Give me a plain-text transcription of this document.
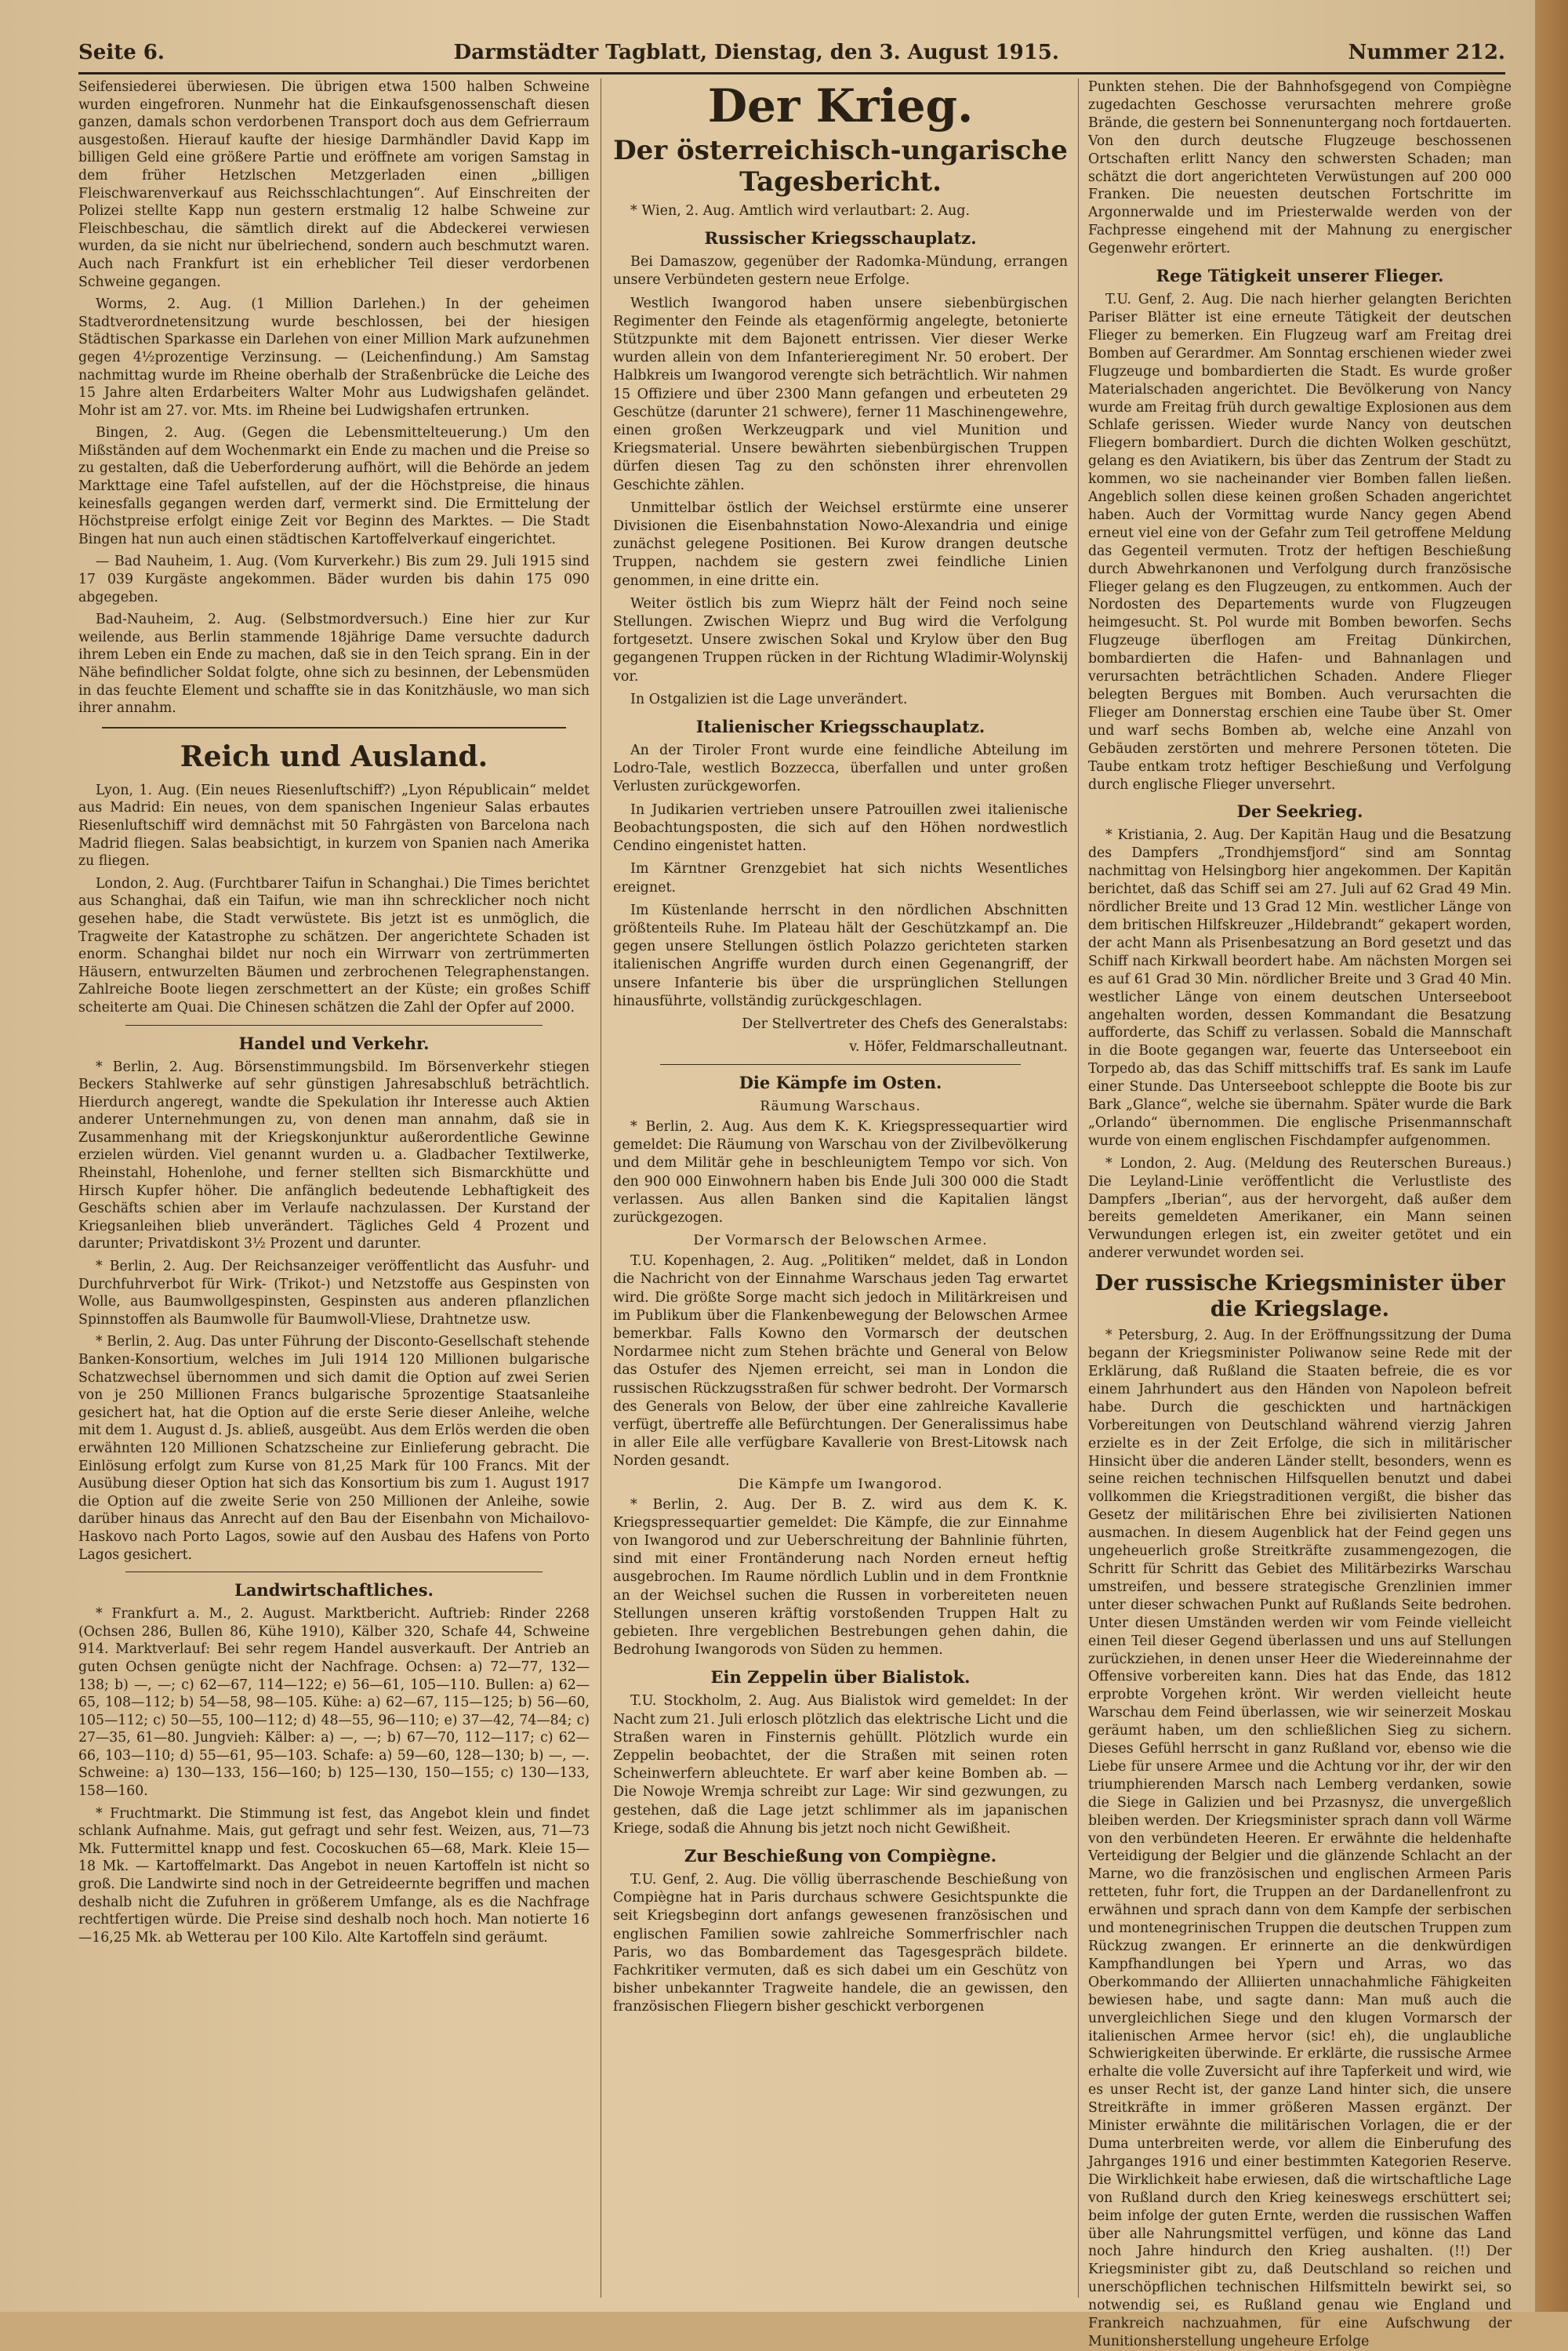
Seite 6.	Darmstädter Tagblatt, Dienstag, den 3. August 1915.	Nummer 212.

Seifensiederei überwiesen. Die übrigen etwa 1500 halben Schweine wurden eingefroren. Nunmehr hat die Einkaufsgenossenschaft diesen ganzen, damals schon verdorbenen Transport doch aus dem Gefrierraum ausgestoßen. Hierauf kaufte der hiesige Darmhändler David Kapp im billigen Geld eine größere Partie und eröffnete am vorigen Samstag in dem früher Hetzlschen Metzgerladen einen „billigen Fleischwarenverkauf aus Reichsschlachtungen“. Auf Einschreiten der Polizei stellte Kapp nun gestern erstmalig 12 halbe Schweine zur Fleischbeschau, die sämtlich direkt auf die Abdeckerei verwiesen wurden, da sie nicht nur übelriechend, sondern auch beschmutzt waren. Auch nach Frankfurt ist ein erheblicher Teil dieser verdorbenen Schweine gegangen.

Worms, 2. Aug. (1 Million Darlehen.) In der geheimen Stadtverordnetensitzung wurde beschlossen, bei der hiesigen Städtischen Sparkasse ein Darlehen von einer Million Mark aufzunehmen gegen 4½prozentige Verzinsung. — (Leichenfindung.) Am Samstag nachmittag wurde im Rheine oberhalb der Straßenbrücke die Leiche des 15 Jahre alten Erdarbeiters Walter Mohr aus Ludwigshafen geländet. Mohr ist am 27. vor. Mts. im Rheine bei Ludwigshafen ertrunken.

Bingen, 2. Aug. (Gegen die Lebensmittelteuerung.) Um den Mißständen auf dem Wochenmarkt ein Ende zu machen und die Preise so zu gestalten, daß die Ueberforderung aufhört, will die Behörde an jedem Markttage eine Tafel aufstellen, auf der die Höchstpreise, die hinaus keinesfalls gegangen werden darf, vermerkt sind. Die Ermittelung der Höchstpreise erfolgt einige Zeit vor Beginn des Marktes. — Die Stadt Bingen hat nun auch einen städtischen Kartoffelverkauf eingerichtet.

— Bad Nauheim, 1. Aug. (Vom Kurverkehr.) Bis zum 29. Juli 1915 sind 17 039 Kurgäste angekommen. Bäder wurden bis dahin 175 090 abgegeben.

Bad-Nauheim, 2. Aug. (Selbstmordversuch.) Eine hier zur Kur weilende, aus Berlin stammende 18jährige Dame versuchte dadurch ihrem Leben ein Ende zu machen, daß sie in den Teich sprang. Ein in der Nähe befindlicher Soldat folgte, ohne sich zu besinnen, der Lebensmüden in das feuchte Element und schaffte sie in das Konitzhäusle, wo man sich ihrer annahm.

Reich und Ausland.

Lyon, 1. Aug. (Ein neues Riesenluftschiff?) „Lyon Républicain“ meldet aus Madrid: Ein neues, von dem spanischen Ingenieur Salas erbautes Riesenluftschiff wird demnächst mit 50 Fahrgästen von Barcelona nach Madrid fliegen. Salas beabsichtigt, in kurzem von Spanien nach Amerika zu fliegen.

London, 2. Aug. (Furchtbarer Taifun in Schanghai.) Die Times berichtet aus Schanghai, daß ein Taifun, wie man ihn schrecklicher noch nicht gesehen habe, die Stadt verwüstete. Bis jetzt ist es unmöglich, die Tragweite der Katastrophe zu schätzen. Der angerichtete Schaden ist enorm. Schanghai bildet nur noch ein Wirrwarr von zertrümmerten Häusern, entwurzelten Bäumen und zerbrochenen Telegraphenstangen. Zahlreiche Boote liegen zerschmettert an der Küste; ein großes Schiff scheiterte am Quai. Die Chinesen schätzen die Zahl der Opfer auf 2000.

Handel und Verkehr.

* Berlin, 2. Aug. Börsenstimmungsbild. Im Börsenverkehr stiegen Beckers Stahlwerke auf sehr günstigen Jahresabschluß beträchtlich. Hierdurch angeregt, wandte die Spekulation ihr Interesse auch Aktien anderer Unternehmungen zu, von denen man annahm, daß sie in Zusammenhang mit der Kriegskonjunktur außerordentliche Gewinne erzielen würden. Viel genannt wurden u. a. Gladbacher Textilwerke, Rheinstahl, Hohenlohe, und ferner stellten sich Bismarckhütte und Hirsch Kupfer höher. Die anfänglich bedeutende Lebhaftigkeit des Geschäfts schien aber im Verlaufe nachzulassen. Der Kurstand der Kriegsanleihen blieb unverändert. Tägliches Geld 4 Prozent und darunter; Privatdiskont 3½ Prozent und darunter.

* Berlin, 2. Aug. Der Reichsanzeiger veröffentlicht das Ausfuhr- und Durchfuhrverbot für Wirk- (Trikot-) und Netzstoffe aus Gespinsten von Wolle, aus Baumwollgespinsten, Gespinsten aus anderen pflanzlichen Spinnstoffen als Baumwolle für Baumwoll-Vliese, Drahtnetze usw.

* Berlin, 2. Aug. Das unter Führung der Disconto-Gesellschaft stehende Banken-Konsortium, welches im Juli 1914 120 Millionen bulgarische Schatzwechsel übernommen und sich damit die Option auf zwei Serien von je 250 Millionen Francs bulgarische 5prozentige Staatsanleihe gesichert hat, hat die Option auf die erste Serie dieser Anleihe, welche mit dem 1. August d. Js. abließ, ausgeübt. Aus dem Erlös werden die oben erwähnten 120 Millionen Schatzscheine zur Einlieferung gebracht. Die Einlösung erfolgt zum Kurse von 81,25 Mark für 100 Francs. Mit der Ausübung dieser Option hat sich das Konsortium bis zum 1. August 1917 die Option auf die zweite Serie von 250 Millionen der Anleihe, sowie darüber hinaus das Anrecht auf den Bau der Eisenbahn von Michailovo-Haskovo nach Porto Lagos, sowie auf den Ausbau des Hafens von Porto Lagos gesichert.

Landwirtschaftliches.

* Frankfurt a. M., 2. August. Marktbericht. Auftrieb: Rinder 2268 (Ochsen 286, Bullen 86, Kühe 1910), Kälber 320, Schafe 44, Schweine 914. Marktverlauf: Bei sehr regem Handel ausverkauft. Der Antrieb an guten Ochsen genügte nicht der Nachfrage. Ochsen: a) 72—77, 132—138; b) —, —; c) 62—67, 114—122; e) 56—61, 105—110. Bullen: a) 62—65, 108—112; b) 54—58, 98—105. Kühe: a) 62—67, 115—125; b) 56—60, 105—112; c) 50—55, 100—112; d) 48—55, 96—110; e) 37—42, 74—84; c) 27—35, 61—80. Jungvieh: Kälber: a) —, —; b) 67—70, 112—117; c) 62—66, 103—110; d) 55—61, 95—103. Schafe: a) 59—60, 128—130; b) —, —. Schweine: a) 130—133, 156—160; b) 125—130, 150—155; c) 130—133, 158—160.

* Fruchtmarkt. Die Stimmung ist fest, das Angebot klein und findet schlank Aufnahme. Mais, gut gefragt und sehr fest. Weizen, aus, 71—73 Mk. Futtermittel knapp und fest. Cocoskuchen 65—68, Mark. Kleie 15—18 Mk. — Kartoffelmarkt. Das Angebot in neuen Kartoffeln ist nicht so groß. Die Landwirte sind noch in der Getreideernte begriffen und machen deshalb nicht die Zufuhren in größerem Umfange, als es die Nachfrage rechtfertigen würde. Die Preise sind deshalb noch hoch. Man notierte 16—16,25 Mk. ab Wetterau per 100 Kilo. Alte Kartoffeln sind geräumt.

Der Krieg.
Der österreichisch-ungarische Tagesbericht.

* Wien, 2. Aug. Amtlich wird verlautbart: 2. Aug.

Russischer Kriegsschauplatz.

Bei Damaszow, gegenüber der Radomka-Mündung, errangen unsere Verbündeten gestern neue Erfolge.

Westlich Iwangorod haben unsere siebenbürgischen Regimenter den Feinde als etagenförmig angelegte, betonierte Stützpunkte mit dem Bajonett entrissen. Vier dieser Werke wurden allein von dem Infanterieregiment Nr. 50 erobert. Der Halbkreis um Iwangorod verengte sich beträchtlich. Wir nahmen 15 Offiziere und über 2300 Mann gefangen und erbeuteten 29 Geschütze (darunter 21 schwere), ferner 11 Maschinengewehre, einen großen Werkzeugpark und viel Munition und Kriegsmaterial. Unsere bewährten siebenbürgischen Truppen dürfen diesen Tag zu den schönsten ihrer ehrenvollen Geschichte zählen.

Unmittelbar östlich der Weichsel erstürmte eine unserer Divisionen die Eisenbahnstation Nowo-Alexandria und einige zunächst gelegene Positionen. Bei Kurow drangen deutsche Truppen, nachdem sie gestern zwei feindliche Linien genommen, in eine dritte ein.

Weiter östlich bis zum Wieprz hält der Feind noch seine Stellungen. Zwischen Wieprz und Bug wird die Verfolgung fortgesetzt. Unsere zwischen Sokal und Krylow über den Bug gegangenen Truppen rücken in der Richtung Wladimir-Wolynskij vor.

In Ostgalizien ist die Lage unverändert.

Italienischer Kriegsschauplatz.

An der Tiroler Front wurde eine feindliche Abteilung im Lodro-Tale, westlich Bozzecca, überfallen und unter großen Verlusten zurückgeworfen.

In Judikarien vertrieben unsere Patrouillen zwei italienische Beobachtungsposten, die sich auf den Höhen nordwestlich Cendino eingenistet hatten.

Im Kärntner Grenzgebiet hat sich nichts Wesentliches ereignet.

Im Küstenlande herrscht in den nördlichen Abschnitten größtenteils Ruhe. Im Plateau hält der Geschützkampf an. Die gegen unsere Stellungen östlich Polazzo gerichteten starken italienischen Angriffe wurden durch einen Gegenangriff, der unsere Infanterie bis über die ursprünglichen Stellungen hinausführte, vollständig zurückgeschlagen.

Der Stellvertreter des Chefs des Generalstabs:
v. Höfer, Feldmarschalleutnant.
Die Kämpfe im Osten.
Räumung Warschaus.

* Berlin, 2. Aug. Aus dem K. K. Kriegspressequartier wird gemeldet: Die Räumung von Warschau von der Zivilbevölkerung und dem Militär gehe in beschleunigtem Tempo vor sich. Von den 900 000 Einwohnern haben bis Ende Juli 300 000 die Stadt verlassen. Aus allen Banken sind die Kapitalien längst zurückgezogen.

Der Vormarsch der Belowschen Armee.

T.U. Kopenhagen, 2. Aug. „Politiken“ meldet, daß in London die Nachricht von der Einnahme Warschaus jeden Tag erwartet wird. Die größte Sorge macht sich jedoch in Militärkreisen und im Publikum über die Flankenbewegung der Belowschen Armee bemerkbar. Falls Kowno den Vormarsch der deutschen Nordarmee nicht zum Stehen brächte und General von Below das Ostufer des Njemen erreicht, sei man in London die russischen Rückzugsstraßen für schwer bedroht. Der Vormarsch des Generals von Below, der über eine zahlreiche Kavallerie verfügt, übertreffe alle Befürchtungen. Der Generalissimus habe in aller Eile alle verfügbare Kavallerie von Brest-Litowsk nach Norden gesandt.

Die Kämpfe um Iwangorod.

* Berlin, 2. Aug. Der B. Z. wird aus dem K. K. Kriegspressequartier gemeldet: Die Kämpfe, die zur Einnahme von Iwangorod und zur Ueberschreitung der Bahnlinie führten, sind mit einer Frontänderung nach Norden erneut heftig ausgebrochen. Im Raume nördlich Lublin und in dem Frontknie an der Weichsel suchen die Russen in vorbereiteten neuen Stellungen unseren kräftig vorstoßenden Truppen Halt zu gebieten. Ihre vergeblichen Bestrebungen gehen dahin, die Bedrohung Iwangorods von Süden zu hemmen.

Ein Zeppelin über Bialistok.

T.U. Stockholm, 2. Aug. Aus Bialistok wird gemeldet: In der Nacht zum 21. Juli erlosch plötzlich das elektrische Licht und die Straßen waren in Finsternis gehüllt. Plötzlich wurde ein Zeppelin beobachtet, der die Straßen mit seinen roten Scheinwerfern ableuchtete. Er warf aber keine Bomben ab. — Die Nowoje Wremja schreibt zur Lage: Wir sind gezwungen, zu gestehen, daß die Lage jetzt schlimmer als im japanischen Kriege, sodaß die Ahnung bis jetzt noch nicht Gewißheit.

Zur Beschießung von Compiègne.

T.U. Genf, 2. Aug. Die völlig überraschende Beschießung von Compiègne hat in Paris durchaus schwere Gesichtspunkte die seit Kriegsbeginn dort anfangs gewesenen französischen und englischen Familien sowie zahlreiche Sommerfrischler nach Paris, wo das Bombardement das Tagesgespräch bildete. Fachkritiker vermuten, daß es sich dabei um ein Geschütz von bisher unbekannter Tragweite handele, die an gewissen, den französischen Fliegern bisher geschickt verborgenen

Punkten stehen. Die der Bahnhofsgegend von Compiègne zugedachten Geschosse verursachten mehrere große Brände, die gestern bei Sonnenuntergang noch fortdauerten. Von den durch deutsche Flugzeuge beschossenen Ortschaften erlitt Nancy den schwersten Schaden; man schätzt die dort angerichteten Verwüstungen auf 200 000 Franken. Die neuesten deutschen Fortschritte im Argonnerwalde und im Priesterwalde werden von der Fachpresse eingehend mit der Mahnung zu energischer Gegenwehr erörtert.

Rege Tätigkeit unserer Flieger.

T.U. Genf, 2. Aug. Die nach hierher gelangten Berichten Pariser Blätter ist eine erneute Tätigkeit der deutschen Flieger zu bemerken. Ein Flugzeug warf am Freitag drei Bomben auf Gerardmer. Am Sonntag erschienen wieder zwei Flugzeuge und bombardierten die Stadt. Es wurde großer Materialschaden angerichtet. Die Bevölkerung von Nancy wurde am Freitag früh durch gewaltige Explosionen aus dem Schlafe gerissen. Wieder wurde Nancy von deutschen Fliegern bombardiert. Durch die dichten Wolken geschützt, gelang es den Aviatikern, bis über das Zentrum der Stadt zu kommen, wo sie nacheinander vier Bomben fallen ließen. Angeblich sollen diese keinen großen Schaden angerichtet haben. Auch der Vormittag wurde Nancy gegen Abend erneut viel eine von der Gefahr zum Teil getroffene Meldung das Gegenteil vermuten. Trotz der heftigen Beschießung durch Abwehrkanonen und Verfolgung durch französische Flieger gelang es den Flugzeugen, zu entkommen. Auch der Nordosten des Departements wurde von Flugzeugen heimgesucht. St. Pol wurde mit Bomben beworfen. Sechs Flugzeuge überflogen am Freitag Dünkirchen, bombardierten die Hafen- und Bahnanlagen und verursachten beträchtlichen Schaden. Andere Flieger belegten Bergues mit Bomben. Auch verursachten die Flieger am Donnerstag erschien eine Taube über St. Omer und warf sechs Bomben ab, welche eine Anzahl von Gebäuden zerstörten und mehrere Personen töteten. Die Taube entkam trotz heftiger Beschießung und Verfolgung durch englische Flieger unversehrt.

Der Seekrieg.

* Kristiania, 2. Aug. Der Kapitän Haug und die Besatzung des Dampfers „Trondhjemsfjord“ sind am Sonntag nachmittag von Helsingborg hier angekommen. Der Kapitän berichtet, daß das Schiff sei am 27. Juli auf 62 Grad 49 Min. nördlicher Breite und 13 Grad 12 Min. westlicher Länge von dem britischen Hilfskreuzer „Hildebrandt“ gekapert worden, der acht Mann als Prisenbesatzung an Bord gesetzt und das Schiff nach Kirkwall beordert habe. Am nächsten Morgen sei es auf 61 Grad 30 Min. nördlicher Breite und 3 Grad 40 Min. westlicher Länge von einem deutschen Unterseeboot angehalten worden, dessen Kommandant die Besatzung aufforderte, das Schiff zu verlassen. Sobald die Mannschaft in die Boote gegangen war, feuerte das Unterseeboot ein Torpedo ab, das das Schiff mittschiffs traf. Es sank im Laufe einer Stunde. Das Unterseeboot schleppte die Boote bis zur Bark „Glance“, welche sie übernahm. Später wurde die Bark „Orlando“ übernommen. Die englische Prisenmannschaft wurde von einem englischen Fischdampfer aufgenommen.

* London, 2. Aug. (Meldung des Reuterschen Bureaus.) Die Leyland-Linie veröffentlicht die Verlustliste des Dampfers „Iberian“, aus der hervorgeht, daß außer dem bereits gemeldeten Amerikaner, ein Mann seinen Verwundungen erlegen ist, ein zweiter getötet und ein anderer verwundet worden sei.

Der russische Kriegsminister über die Kriegslage.

* Petersburg, 2. Aug. In der Eröffnungssitzung der Duma begann der Kriegsminister Poliwanow seine Rede mit der Erklärung, daß Rußland die Staaten befreie, die es vor einem Jahrhundert aus den Händen von Napoleon befreit habe. Durch die geschickten und hartnäckigen Vorbereitungen von Deutschland während vierzig Jahren erzielte es in der Zeit Erfolge, die sich in militärischer Hinsicht über die anderen Länder stellt, besonders, wenn es seine reichen technischen Hilfsquellen benutzt und dabei vollkommen die Kriegstraditionen vergißt, die bisher das Gesetz der militärischen Ehre bei zivilisierten Nationen ausmachen. In diesem Augenblick hat der Feind gegen uns ungeheuerlich große Streitkräfte zusammengezogen, die Schritt für Schritt das Gebiet des Militärbezirks Warschau umstreifen, und bessere strategische Grenzlinien immer unter dieser schwachen Punkt auf Rußlands Seite bedrohen. Unter diesen Umständen werden wir vom Feinde vielleicht einen Teil dieser Gegend überlassen und uns auf Stellungen zurückziehen, in denen unser Heer die Wiedereinnahme der Offensive vorbereiten kann. Dies hat das Ende, das 1812 erprobte Vorgehen krönt. Wir werden vielleicht heute Warschau dem Feind überlassen, wie wir seinerzeit Moskau geräumt haben, um den schließlichen Sieg zu sichern. Dieses Gefühl herrscht in ganz Rußland vor, ebenso wie die Liebe für unsere Armee und die Achtung vor ihr, der wir den triumphierenden Marsch nach Lemberg verdanken, sowie die Siege in Galizien und bei Przasnysz, die unvergeßlich bleiben werden. Der Kriegsminister sprach dann voll Wärme von den verbündeten Heeren. Er erwähnte die heldenhafte Verteidigung der Belgier und die glänzende Schlacht an der Marne, wo die französischen und englischen Armeen Paris retteten, fuhr fort, die Truppen an der Dardanellenfront zu erwähnen und sprach dann von dem Kampfe der serbischen und montenegrinischen Truppen die deutschen Truppen zum Rückzug zwangen. Er erinnerte an die denkwürdigen Kampfhandlungen bei Ypern und Arras, wo das Oberkommando der Alliierten unnachahmliche Fähigkeiten bewiesen habe, und sagte dann: Man muß auch die unvergleichlichen Siege und den klugen Vormarsch der italienischen Armee hervor (sic! eh), die unglaubliche Schwierigkeiten überwinde. Er erklärte, die russische Armee erhalte die volle Zuversicht auf ihre Tapferkeit und wird, wie es unser Recht ist, der ganze Land hinter sich, die unsere Streitkräfte in immer größeren Massen ergänzt. Der Minister erwähnte die militärischen Vorlagen, die er der Duma unterbreiten werde, vor allem die Einberufung des Jahrganges 1916 und einer bestimmten Kategorien Reserve. Die Wirklichkeit habe erwiesen, daß die wirtschaftliche Lage von Rußland durch den Krieg keineswegs erschüttert sei; beim infolge der guten Ernte, werden die russischen Waffen über alle Nahrungsmittel verfügen, und könne das Land noch Jahre hindurch den Krieg aushalten. (!!) Der Kriegsminister gibt zu, daß Deutschland so reichen und unerschöpflichen technischen Hilfsmitteln bewirkt sei, so notwendig sei, es Rußland genau wie England und Frankreich nachzuahmen, für eine Aufschwung der Munitionsherstellung ungeheure Erfolge
